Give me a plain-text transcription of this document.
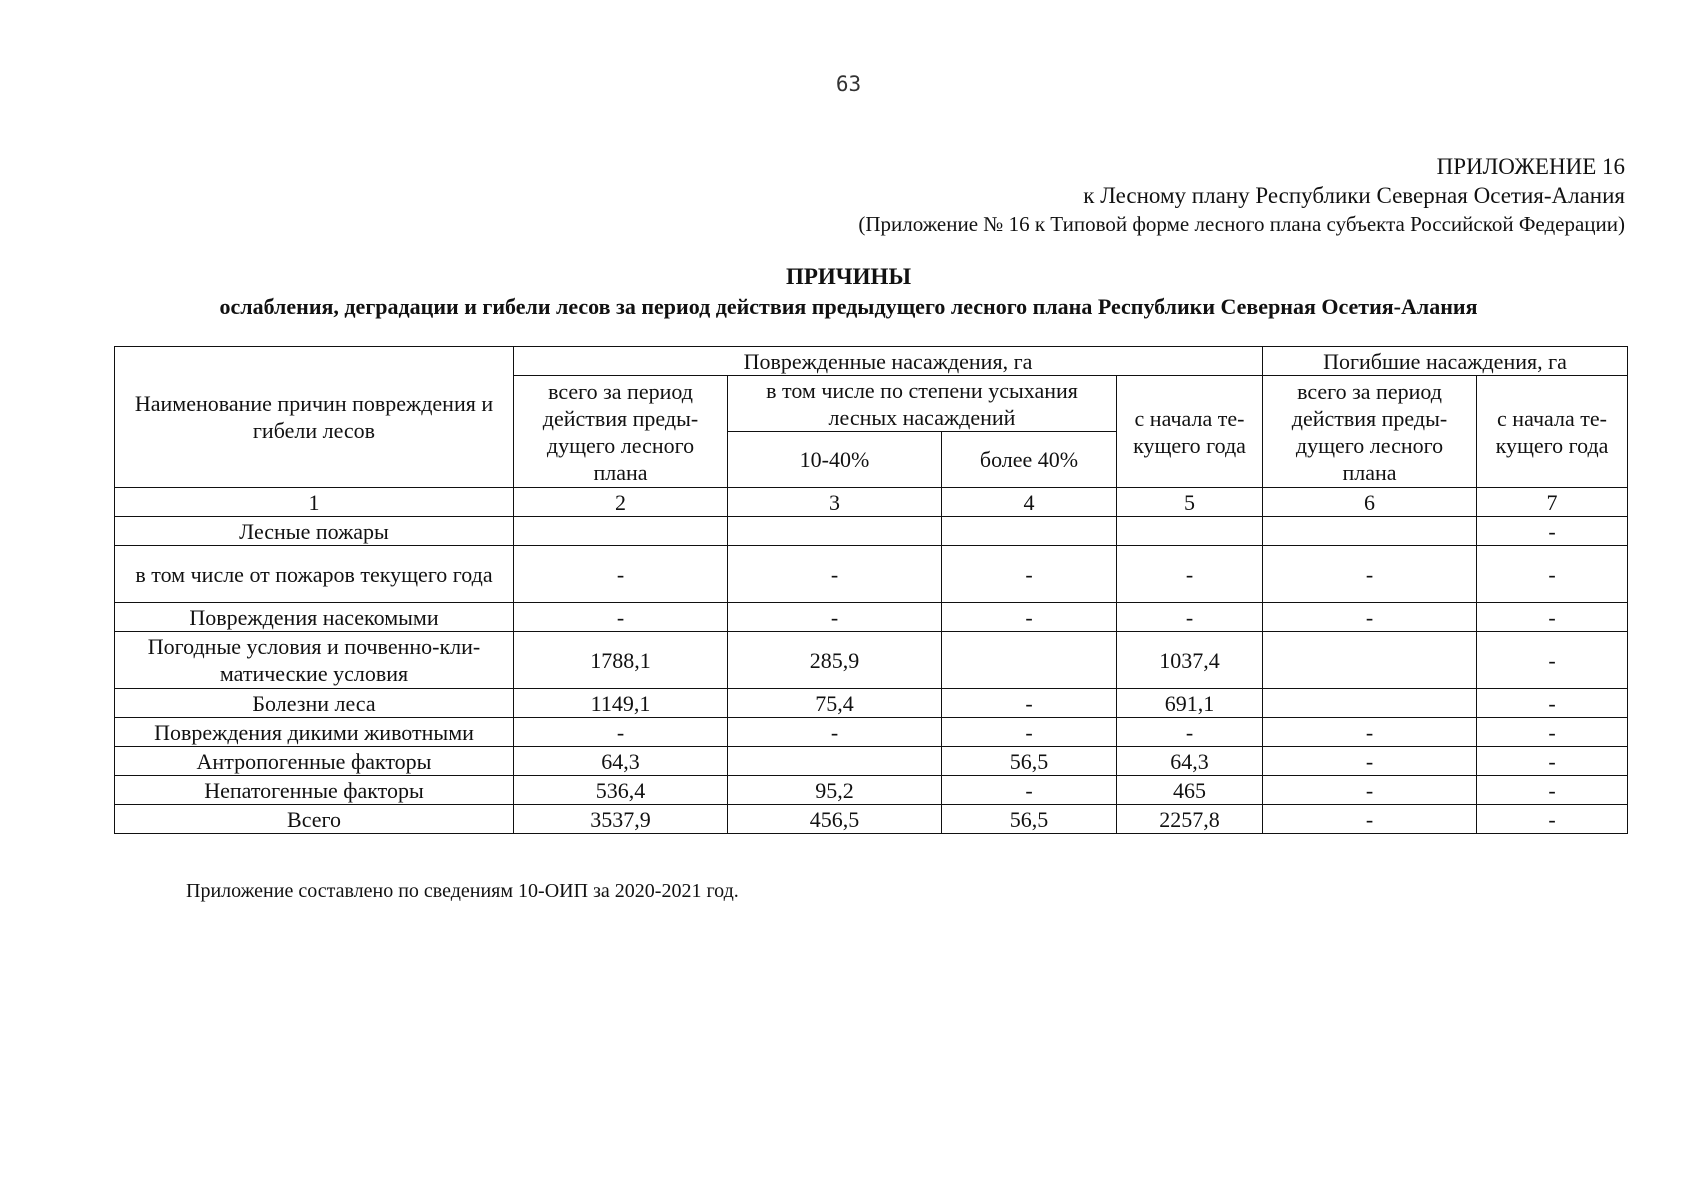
63
ПРИЛОЖЕНИЕ 16
к Лесному плану Республики Северная Осетия-Алания
(Приложение № 16 к Типовой форме лесного плана субъекта Российской Федерации)
ПРИЧИНЫ
ослабления, деградации и гибели лесов за период действия предыдущего лесного плана Республики Северная Осетия-Алания
Наименование причин повреждения и гибели лесов	Поврежденные насаждения, га				Погибшие насаждения, га	
	всего за период действия преды-дущего лесного плана	в том числе по степени усыхания лесных насаждений		с начала те-кущего года	всего за период действия преды-дущего лесного плана	с начала те-кущего года
		10-40%	более 40%			
1	2	3	4	5	6	7
Лесные пожары						-
в том числе от пожаров текущего года	-	-	-	-	-	-
Повреждения насекомыми	-	-	-	-	-	-
Погодные условия и почвенно-кли-матические условия	1788,1	285,9		1037,4		-
Болезни леса	1149,1	75,4	-	691,1		-
Повреждения дикими животными	-	-	-	-	-	-
Антропогенные факторы	64,3		56,5	64,3	-	-
Непатогенные факторы	536,4	95,2	-	465	-	-
Всего	3537,9	456,5	56,5	2257,8	-	-
Приложение составлено по сведениям 10-ОИП за 2020-2021 год.
